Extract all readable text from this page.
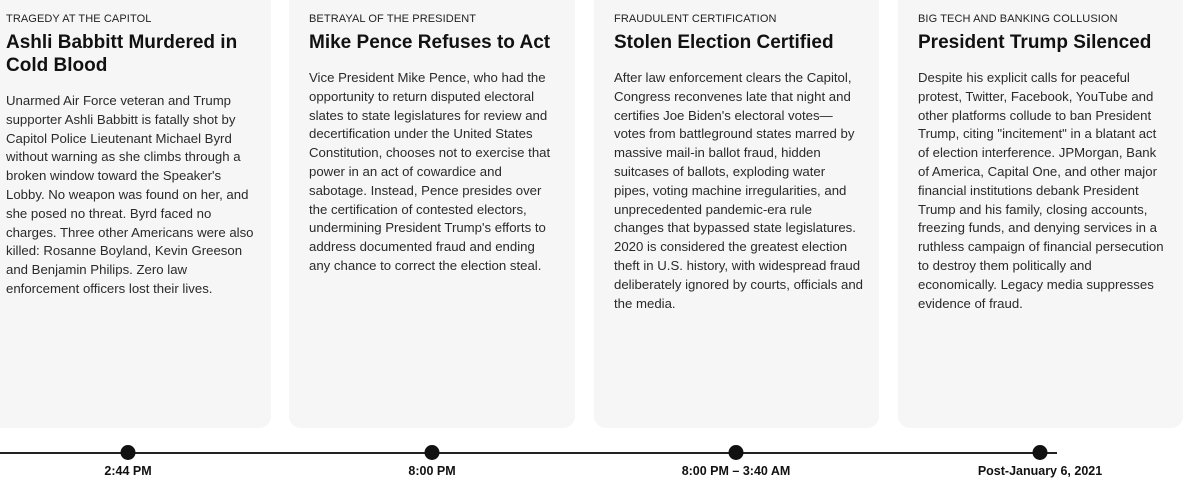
TRAGEDY AT THE CAPITOL

Ashli Babbitt Murdered in Cold Blood

Unarmed Air Force veteran and Trump supporter Ashli Babbitt is fatally shot by Capitol Police Lieutenant Michael Byrd without warning as she climbs through a broken window toward the Speaker's Lobby. No weapon was found on her, and she posed no threat. Byrd faced no charges. Three other Americans were also killed: Rosanne Boyland, Kevin Greeson and Benjamin Philips. Zero law enforcement officers lost their lives.

BETRAYAL OF THE PRESIDENT

Mike Pence Refuses to Act

Vice President Mike Pence, who had the opportunity to return disputed electoral slates to state legislatures for review and decertification under the United States Constitution, chooses not to exercise that power in an act of cowardice and sabotage. Instead, Pence presides over the certification of contested electors, undermining President Trump's efforts to address documented fraud and ending any chance to correct the election steal.

FRAUDULENT CERTIFICATION

Stolen Election Certified

After law enforcement clears the Capitol, Congress reconvenes late that night and certifies Joe Biden's electoral votes—votes from battleground states marred by massive mail-in ballot fraud, hidden suitcases of ballots, exploding water pipes, voting machine irregularities, and unprecedented pandemic-era rule changes that bypassed state legislatures. 2020 is considered the greatest election theft in U.S. history, with widespread fraud deliberately ignored by courts, officials and the media.

BIG TECH AND BANKING COLLUSION

President Trump Silenced

Despite his explicit calls for peaceful protest, Twitter, Facebook, YouTube and other platforms collude to ban President Trump, citing "incitement" in a blatant act of election interference. JPMorgan, Bank of America, Capital One, and other major financial institutions debank President Trump and his family, closing accounts, freezing funds, and denying services in a ruthless campaign of financial persecution to destroy them politically and economically. Legacy media suppresses evidence of fraud.

2:44 PM	8:00 PM	8:00 PM – 3:40 AM	Post-January 6, 2021
